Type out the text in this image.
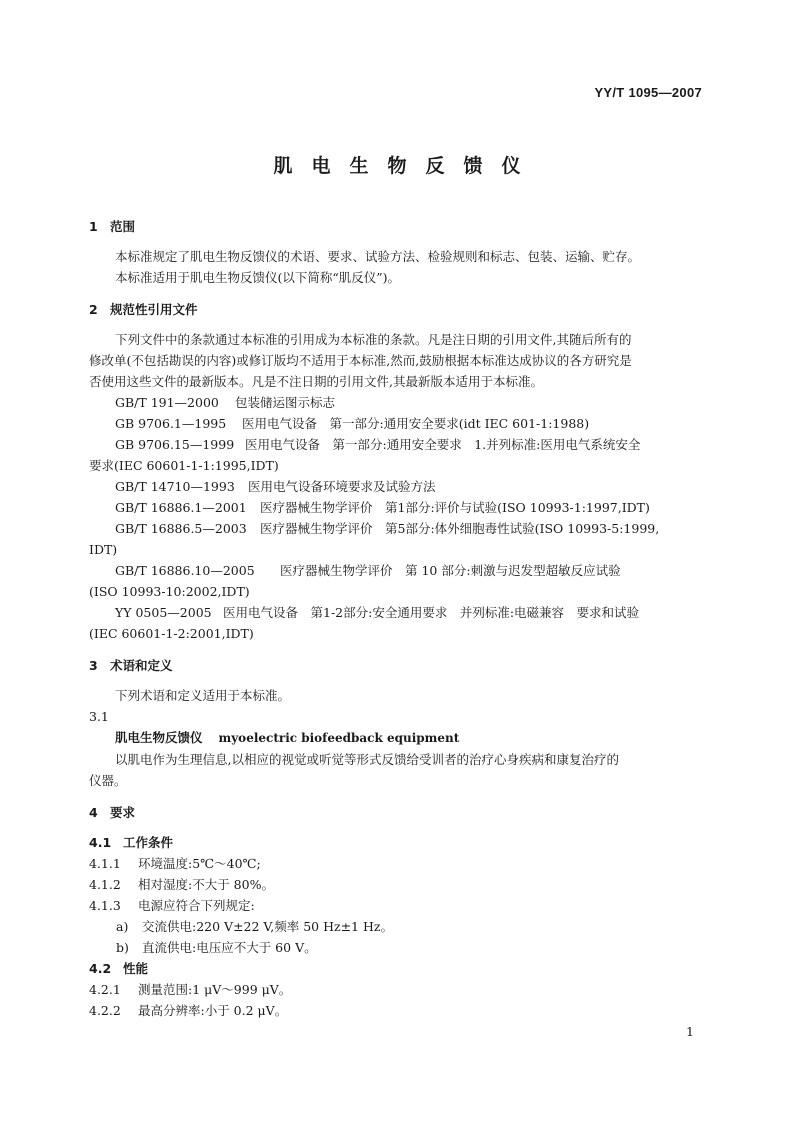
YY/T 1095—2007
肌电生物反馈仪
1 范围

本标准规定了肌电生物反馈仪的术语、要求、试验方法、检验规则和标志、包装、运输、贮存。

本标准适用于肌电生物反馈仪(以下简称“肌反仪”)。

2 规范性引用文件

下列文件中的条款通过本标准的引用成为本标准的条款。凡是注日期的引用文件,其随后所有的

修改单(不包括勘误的内容)或修订版均不适用于本标准,然而,鼓励根据本标准达成协议的各方研究是

否使用这些文件的最新版本。凡是不注日期的引用文件,其最新版本适用于本标准。

GB/T 191—2000 包装储运图示标志

GB 9706.1—1995 医用电气设备　第一部分:通用安全要求(idt IEC 601-1:1988)

GB 9706.15—1999 医用电气设备　第一部分:通用安全要求　1.并列标准:医用电气系统安全

要求(IEC 60601-1-1:1995,IDT)

GB/T 14710—1993 医用电气设备环境要求及试验方法

GB/T 16886.1—2001 医疗器械生物学评价　第1部分:评价与试验(ISO 10993-1:1997,IDT)

GB/T 16886.5—2003 医疗器械生物学评价　第5部分:体外细胞毒性试验(ISO 10993-5:1999,

IDT)

GB/T 16886.10—2005 医疗器械生物学评价　第 10 部分:刺激与迟发型超敏反应试验

(ISO 10993-10:2002,IDT)

YY 0505—2005 医用电气设备　第1-2部分:安全通用要求　并列标准:电磁兼容　要求和试验

(IEC 60601-1-2:2001,IDT)

3 术语和定义

下列术语和定义适用于本标准。

3.1

肌电生物反馈仪 myoelectric biofeedback equipment

以肌电作为生理信息,以相应的视觉或听觉等形式反馈给受训者的治疗心身疾病和康复治疗的

仪器。

4 要求
4.1 工作条件

4.1.1 环境温度:5℃～40℃;

4.1.2 相对湿度:不大于 80%。

4.1.3 电源应符合下列规定:

a) 交流供电:220 V±22 V,频率 50 Hz±1 Hz。

b) 直流供电:电压应不大于 60 V。

4.2 性能

4.2.1 测量范围:1 μV～999 μV。

4.2.2 最高分辨率:小于 0.2 μV。

1
